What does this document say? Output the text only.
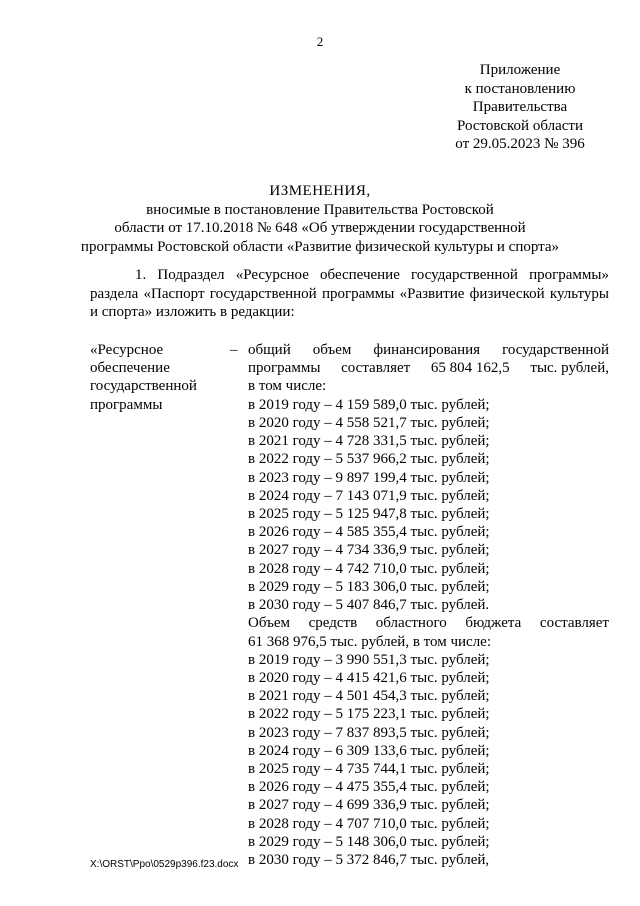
2
Приложение
к постановлению
Правительства
Ростовской области
от 29.05.2023 № 396
ИЗМЕНЕНИЯ,
вносимые в постановление Правительства Ростовской
области от 17.10.2018 № 648 «Об утверждении государственной
программы Ростовской области «Развитие физической культуры и спорта»
1. Подраздел «Ресурсное обеспечение государственной программы»
раздела «Паспорт государственной программы «Развитие физической культуры
и спорта» изложить в редакции:
«Ресурсное
обеспечение
государственной
программы
– общий объем финансирования государственной
программы составляет 65 804 162,5 тыс. рублей,
в том числе:
в 2019 году – 4 159 589,0 тыс. рублей;
в 2020 году – 4 558 521,7 тыс. рублей;
в 2021 году – 4 728 331,5 тыс. рублей;
в 2022 году – 5 537 966,2 тыс. рублей;
в 2023 году – 9 897 199,4 тыс. рублей;
в 2024 году – 7 143 071,9 тыс. рублей;
в 2025 году – 5 125 947,8 тыс. рублей;
в 2026 году – 4 585 355,4 тыс. рублей;
в 2027 году – 4 734 336,9 тыс. рублей;
в 2028 году – 4 742 710,0 тыс. рублей;
в 2029 году – 5 183 306,0 тыс. рублей;
в 2030 году – 5 407 846,7 тыс. рублей.
Объем средств областного бюджета составляет
61 368 976,5 тыс. рублей, в том числе:
в 2019 году – 3 990 551,3 тыс. рублей;
в 2020 году – 4 415 421,6 тыс. рублей;
в 2021 году – 4 501 454,3 тыс. рублей;
в 2022 году – 5 175 223,1 тыс. рублей;
в 2023 году – 7 837 893,5 тыс. рублей;
в 2024 году – 6 309 133,6 тыс. рублей;
в 2025 году – 4 735 744,1 тыс. рублей;
в 2026 году – 4 475 355,4 тыс. рублей;
в 2027 году – 4 699 336,9 тыс. рублей;
в 2028 году – 4 707 710,0 тыс. рублей;
в 2029 году – 5 148 306,0 тыс. рублей;
в 2030 году – 5 372 846,7 тыс. рублей,
X:\ORST\Ppo\0529p396.f23.docx
